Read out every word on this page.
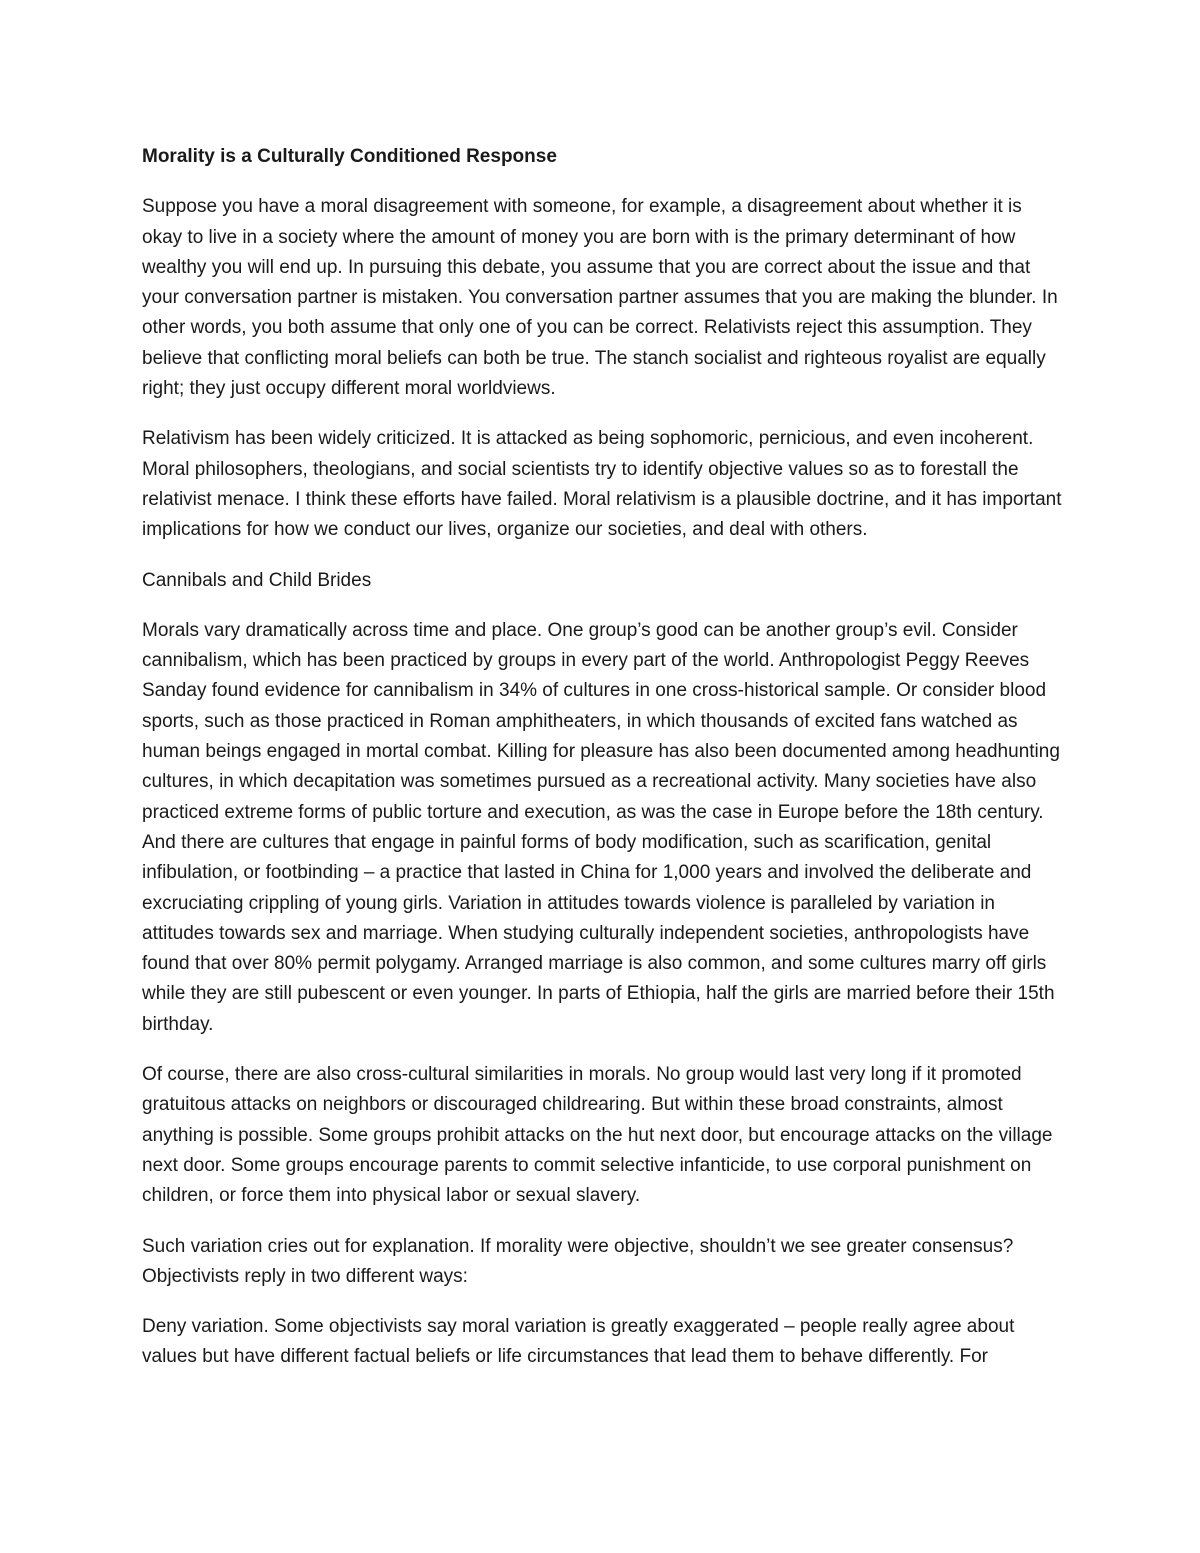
Morality is a Culturally Conditioned Response

Suppose you have a moral disagreement with someone, for example, a disagreement about whether it is okay to live in a society where the amount of money you are born with is the primary determinant of how wealthy you will end up. In pursuing this debate, you assume that you are correct about the issue and that your conversation partner is mistaken. You conversation partner assumes that you are making the blunder. In other words, you both assume that only one of you can be correct. Relativists reject this assumption. They believe that conflicting moral beliefs can both be true. The stanch socialist and righteous royalist are equally right; they just occupy different moral worldviews.

Relativism has been widely criticized. It is attacked as being sophomoric, pernicious, and even incoherent. Moral philosophers, theologians, and social scientists try to identify objective values so as to forestall the relativist menace. I think these efforts have failed. Moral relativism is a plausible doctrine, and it has important implications for how we conduct our lives, organize our societies, and deal with others.

Cannibals and Child Brides

Morals vary dramatically across time and place. One group’s good can be another group’s evil. Consider cannibalism, which has been practiced by groups in every part of the world. Anthropologist Peggy Reeves Sanday found evidence for cannibalism in 34% of cultures in one cross-historical sample. Or consider blood sports, such as those practiced in Roman amphitheaters, in which thousands of excited fans watched as human beings engaged in mortal combat. Killing for pleasure has also been documented among headhunting cultures, in which decapitation was sometimes pursued as a recreational activity. Many societies have also practiced extreme forms of public torture and execution, as was the case in Europe before the 18th century. And there are cultures that engage in painful forms of body modification, such as scarification, genital infibulation, or footbinding – a practice that lasted in China for 1,000 years and involved the deliberate and excruciating crippling of young girls. Variation in attitudes towards violence is paralleled by variation in attitudes towards sex and marriage. When studying culturally independent societies, anthropologists have found that over 80% permit polygamy. Arranged marriage is also common, and some cultures marry off girls while they are still pubescent or even younger. In parts of Ethiopia, half the girls are married before their 15th birthday.

Of course, there are also cross-cultural similarities in morals. No group would last very long if it promoted gratuitous attacks on neighbors or discouraged childrearing. But within these broad constraints, almost anything is possible. Some groups prohibit attacks on the hut next door, but encourage attacks on the village next door. Some groups encourage parents to commit selective infanticide, to use corporal punishment on children, or force them into physical labor or sexual slavery.

Such variation cries out for explanation. If morality were objective, shouldn’t we see greater consensus? Objectivists reply in two different ways:

Deny variation. Some objectivists say moral variation is greatly exaggerated – people really agree about values but have different factual beliefs or life circumstances that lead them to behave differently. For
